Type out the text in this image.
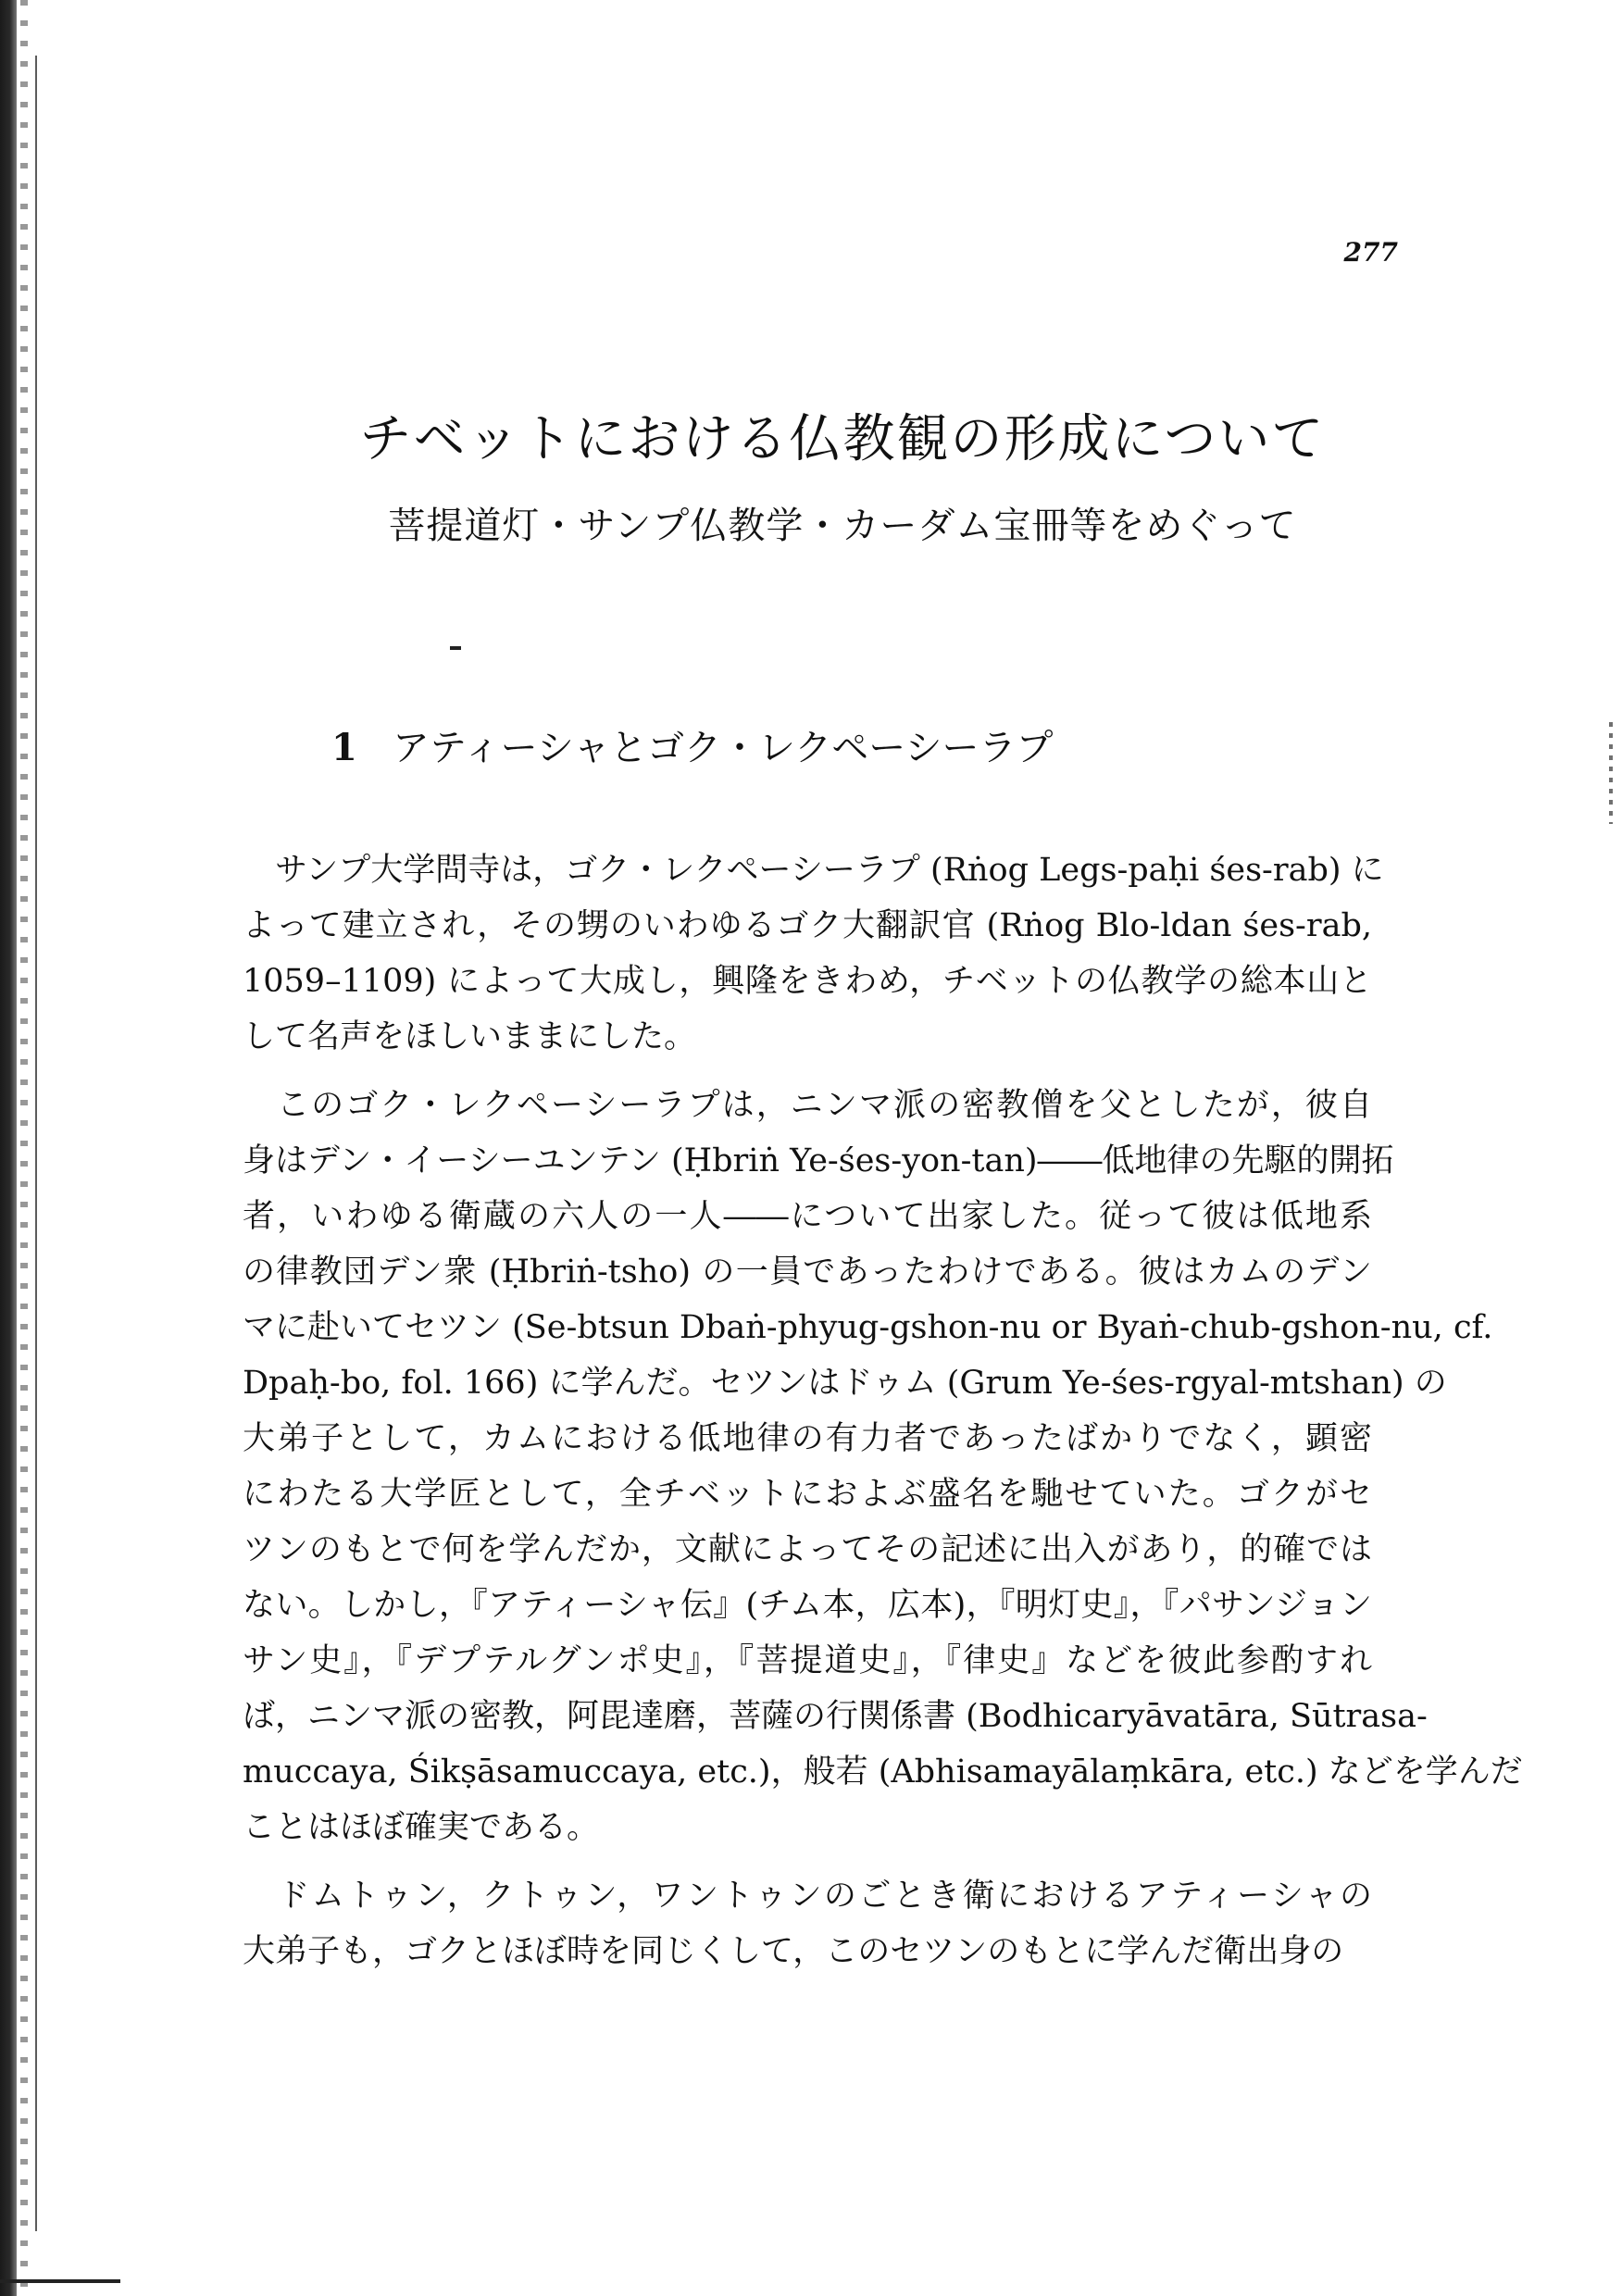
277
チベットにおける仏教観の形成について
菩提道灯・サンプ仏教学・カーダム宝冊等をめぐって
1 アティーシャとゴク・レクペーシーラプ
　サンプ大学問寺は，ゴク・レクペーシーラプ (Rṅog Legs-paḥi śes-rab) に
よって建立され，その甥のいわゆるゴク大翻訳官 (Rṅog Blo-ldan śes-rab,
1059–1109) によって大成し，興隆をきわめ，チベットの仏教学の総本山と
して名声をほしいままにした。
　このゴク・レクペーシーラプは，ニンマ派の密教僧を父としたが，彼自
身はデン・イーシーユンテン (Ḥbriṅ Ye-śes-yon-tan)――低地律の先駆的開拓
者，いわゆる衛蔵の六人の一人――について出家した。従って彼は低地系
の律教団デン衆 (Ḥbriṅ-tsho) の一員であったわけである。彼はカムのデン
マに赴いてセツン (Se-btsun Dbaṅ-phyug-gshon-nu or Byaṅ-chub-gshon-nu, cf.
Dpaḥ-bo, fol. 166) に学んだ。セツンはドゥム (Grum Ye-śes-rgyal-mtshan) の
大弟子として，カムにおける低地律の有力者であったばかりでなく，顕密
にわたる大学匠として，全チベットにおよぶ盛名を馳せていた。ゴクがセ
ツンのもとで何を学んだか，文献によってその記述に出入があり，的確では
ない。しかし，『アティーシャ伝』(チム本，広本)，『明灯史』，『パサンジョン
サン史』，『デプテルグンポ史』，『菩提道史』，『律史』などを彼此参酌すれ
ば，ニンマ派の密教，阿毘達磨，菩薩の行関係書 (Bodhicaryāvatāra, Sūtrasa-
muccaya, Śikṣāsamuccaya, etc.)，般若 (Abhisamayālaṃkāra, etc.) などを学んだ
ことはほぼ確実である。
　ドムトゥン，クトゥン，ワントゥンのごとき衛におけるアティーシャの
大弟子も，ゴクとほぼ時を同じくして，このセツンのもとに学んだ衛出身の
